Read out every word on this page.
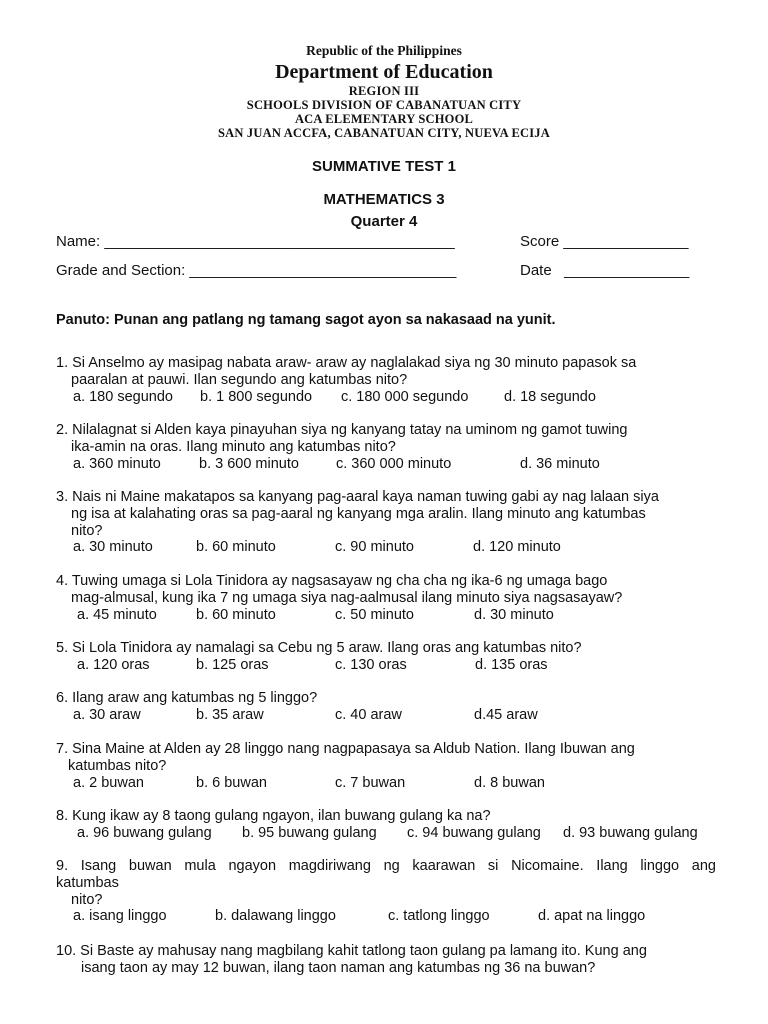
Republic of the Philippines
Department of Education
REGION III
SCHOOLS DIVISION OF CABANATUAN CITY
ACA ELEMENTARY SCHOOL
SAN JUAN ACCFA, CABANATUAN CITY, NUEVA ECIJA
SUMMATIVE TEST 1
MATHEMATICS 3
Quarter 4
Name: __________________________________________	Score _______________
Grade and Section: ________________________________	Date   _______________
Panuto: Punan ang patlang ng tamang sagot ayon sa nakasaad na yunit.
1. Si Anselmo ay masipag nabata araw- araw ay naglalakad siya ng 30 minuto papasok sa
paaralan at pauwi. Ilan segundo ang katumbas nito?
a. 180 segundo b. 1 800 segundo c. 180 000 segundo d. 18 segundo
2. Nilalagnat si Alden kaya pinayuhan siya ng kanyang tatay na uminom ng gamot tuwing
ika-amin na oras. Ilang minuto ang katumbas nito?
a. 360 minuto	b. 3 600 minuto	c. 360 000 minuto	d. 36 minuto
3. Nais ni Maine makatapos sa kanyang pag-aaral kaya naman tuwing gabi ay nag lalaan siya
ng isa at kalahating oras sa pag-aaral ng kanyang mga aralin. Ilang minuto ang katumbas
nito?
a. 30 minuto	b. 60 minuto	c. 90 minuto	d. 120 minuto
4. Tuwing umaga si Lola Tinidora ay nagsasayaw ng cha cha ng ika-6 ng umaga bago
mag-almusal, kung ika 7 ng umaga siya nag-aalmusal ilang minuto siya nagsasayaw?
a. 45 minuto	b. 60 minuto	c. 50 minuto	d. 30 minuto
5. Si Lola Tinidora ay namalagi sa Cebu ng 5 araw. Ilang oras ang katumbas nito?
a. 120 oras	b. 125 oras	c. 130 oras	d. 135 oras
6. Ilang araw ang katumbas ng 5 linggo?
a. 30 araw	b. 35 araw	c. 40 araw	d.45 araw
7. Sina Maine at Alden ay 28 linggo nang nagpapasaya sa Aldub Nation. Ilang Ibuwan ang
katumbas nito?
a. 2 buwan	b. 6 buwan	c. 7 buwan	d. 8 buwan
8. Kung ikaw ay 8 taong gulang ngayon, ilan buwang gulang ka na?
a. 96 buwang gulang b. 95 buwang gulang c. 94 buwang gulang d. 93 buwang gulang
9. Isang buwan mula ngayon magdiriwang ng kaarawan si Nicomaine. Ilang linggo ang
katumbas
nito?
a. isang linggo	b. dalawang linggo	c. tatlong linggo	d. apat na linggo
10. Si Baste ay mahusay nang magbilang kahit tatlong taon gulang pa lamang ito. Kung ang
isang taon ay may 12 buwan, ilang taon naman ang katumbas ng 36 na buwan?
